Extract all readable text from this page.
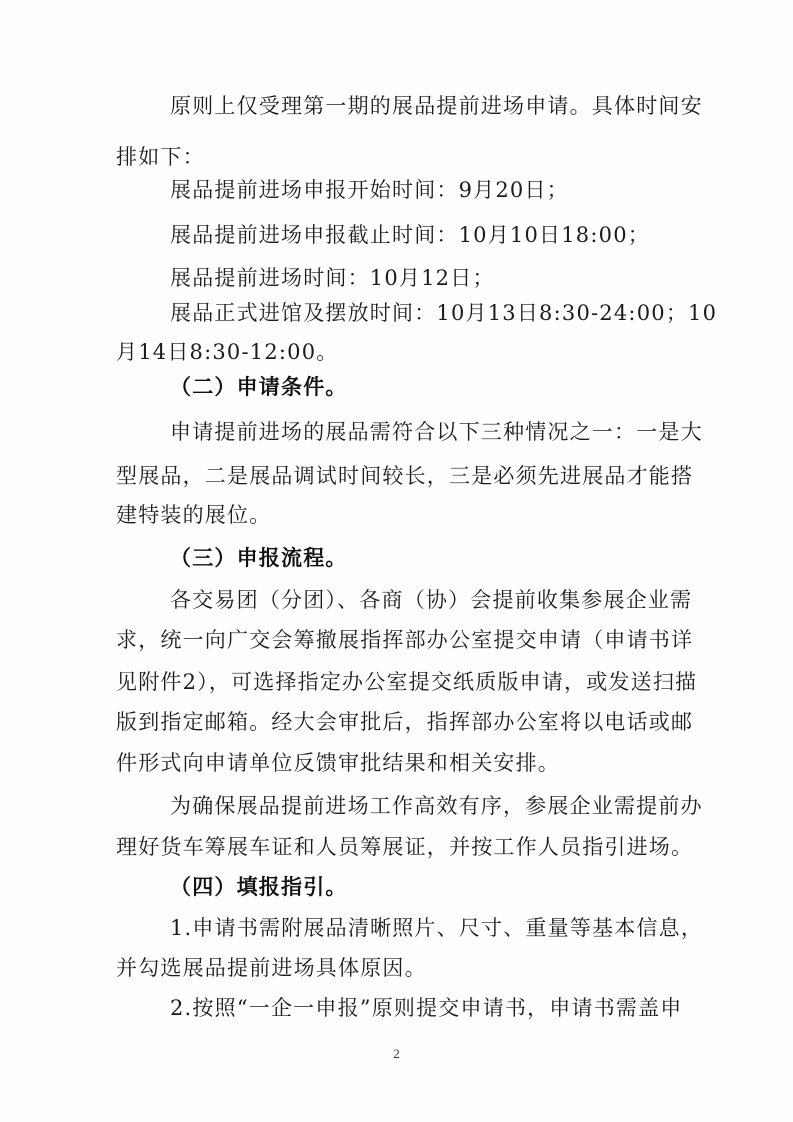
原则上仅受理第一期的展品提前进场申请。具体时间安

排如下：

展品提前进场申报开始时间：9月20日；

展品提前进场申报截止时间：10月10日18:00；

展品提前进场时间：10月12日；

展品正式进馆及摆放时间：10月13日8:30-24:00；10

月14日8:30-12:00。

（二）申请条件。

申请提前进场的展品需符合以下三种情况之一：一是大

型展品，二是展品调试时间较长，三是必须先进展品才能搭

建特装的展位。

（三）申报流程。

各交易团（分团）、各商（协）会提前收集参展企业需

求，统一向广交会筹撤展指挥部办公室提交申请（申请书详

见附件2），可选择指定办公室提交纸质版申请，或发送扫描

版到指定邮箱。经大会审批后，指挥部办公室将以电话或邮

件形式向申请单位反馈审批结果和相关安排。

为确保展品提前进场工作高效有序，参展企业需提前办

理好货车筹展车证和人员筹展证，并按工作人员指引进场。

（四）填报指引。

1.申请书需附展品清晰照片、尺寸、重量等基本信息，

并勾选展品提前进场具体原因。

2.按照“一企一申报”原则提交申请书，申请书需盖申

2
